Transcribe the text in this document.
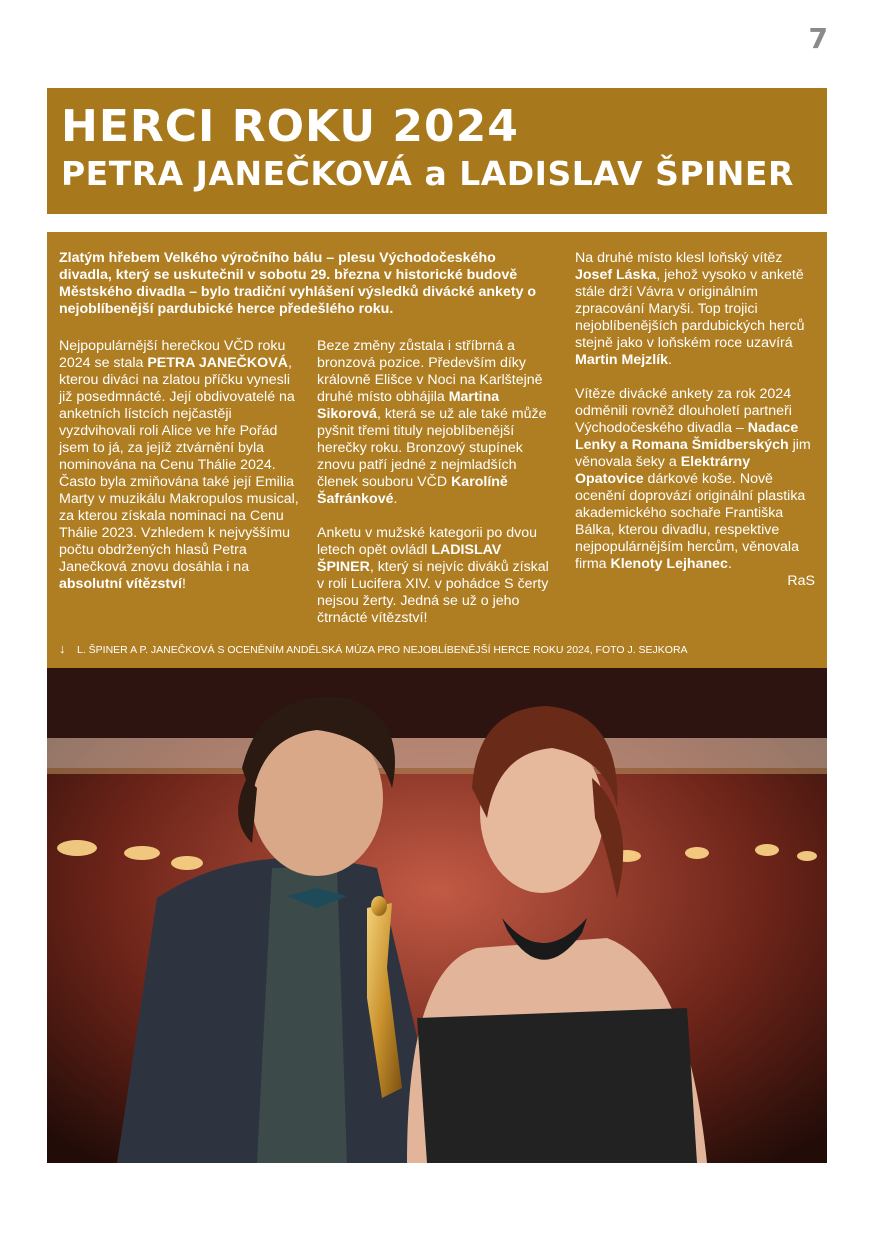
7
HERCI ROKU 2024
PETRA JANEČKOVÁ a LADISLAV ŠPINER

Zlatým hřebem Velkého výročního bálu – plesu Východočeského divadla, který se uskutečnil v sobotu 29. března v historické budově Městského divadla – bylo tradiční vyhlášení výsledků divácké ankety o nejoblíbenější pardubické herce předešlého roku.

Nejpopulárnější herečkou VČD roku 2024 se stala PETRA JANEČKOVÁ, kterou diváci na zlatou příčku vynesli již posedmnácté. Její obdivovatelé na anketních lístcích nejčastěji vyzdvihovali roli Alice ve hře Pořád jsem to já, za jejíž ztvárnění byla nominována na Cenu Thálie 2024. Často byla zmiňována také její Emilia Marty v muzikálu Makropulos musical, za kterou získala nominaci na Cenu Thálie 2023. Vzhledem k nejvyššímu počtu obdržených hlasů Petra Janečková znovu dosáhla i na absolutní vítězství!

Beze změny zůstala i stříbrná a bronzová pozice. Především díky královně Elišce v Noci na Karlštejně druhé místo obhájila Martina Sikorová, která se už ale také může pyšnit třemi tituly nejoblíbenější herečky roku. Bronzový stupínek znovu patří jedné z nejmladších členek souboru VČD Karolíně Šafránkové.

Anketu v mužské kategorii po dvou letech opět ovládl LADISLAV ŠPINER, který si nejvíc diváků získal v roli Lucifera XIV. v pohádce S čerty nejsou žerty. Jedná se už o jeho čtrnácté vítězství!

Na druhé místo klesl loňský vítěz Josef Láska, jehož vysoko v anketě stále drží Vávra v originálním zpracování Maryši. Top trojici nejoblíbenějších pardubických herců stejně jako v loňském roce uzavírá Martin Mejzlík.

Vítěze divácké ankety za rok 2024 odměnili rovněž dlouholetí partneři Východočeského divadla – Nadace Lenky a Romana Šmidberských jim věnovala šeky a Elektrárny Opatovice dárkové koše. Nově ocenění doprovází originální plastika akademického sochaře Františka Bálka, kterou divadlu, respektive nejpopulárnějším hercům, věnovala firma Klenoty Lejhanec.

RaS
↓ L. ŠPINER A P. JANEČKOVÁ S OCENĚNÍM ANDĚLSKÁ MÚZA PRO NEJOBLÍBENĚJŠÍ HERCE ROKU 2024, FOTO J. SEJKORA
